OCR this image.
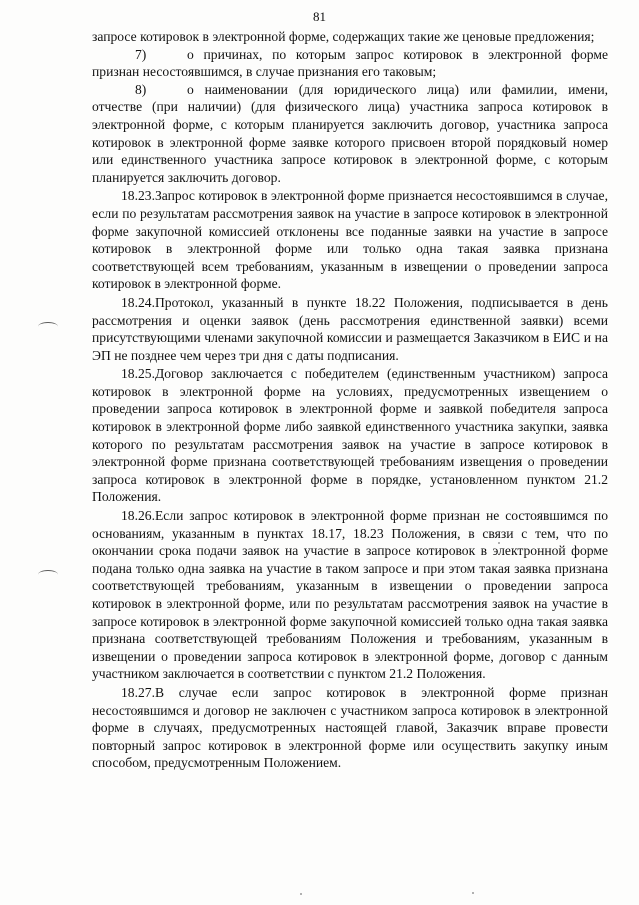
81

запросе котировок в электронной форме, содержащих такие же ценовые предложения;

7)	о причинах, по которым запрос котировок в электронной форме признан несостоявшимся, в случае признания его таковым;

8)	о наименовании (для юридического лица) или фамилии, имени, отчестве (при наличии) (для физического лица) участника запроса котировок в электронной форме, с которым планируется заключить договор, участника запроса котировок в электронной форме заявке которого присвоен второй порядковый номер или единственного участника запросе котировок в электронной форме, с которым планируется заключить договор.

18.23.Запрос котировок в электронной форме признается несостоявшимся в случае, если по результатам рассмотрения заявок на участие в запросе котировок в электронной форме закупочной комиссией отклонены все поданные заявки на участие в запросе котировок в электронной форме или только одна такая заявка признана соответствующей всем требованиям, указанным в извещении о проведении запроса котировок в электронной форме.

18.24.Протокол, указанный в пункте 18.22 Положения, подписывается в день рассмотрения и оценки заявок (день рассмотрения единственной заявки) всеми присутствующими членами закупочной комиссии и размещается Заказчиком в ЕИС и на ЭП не позднее чем через три дня с даты подписания.

18.25.Договор заключается с победителем (единственным участником) запроса котировок в электронной форме на условиях, предусмотренных извещением о проведении запроса котировок в электронной форме и заявкой победителя запроса котировок в электронной форме либо заявкой единственного участника закупки, заявка которого по результатам рассмотрения заявок на участие в запросе котировок в электронной форме признана соответствующей требованиям извещения о проведении запроса котировок в электронной форме в порядке, установленном пунктом 21.2 Положения.

18.26.Если запрос котировок в электронной форме признан не состоявшимся по основаниям, указанным в пунктах 18.17, 18.23 Положения, в связи с тем, что по окончании срока подачи заявок на участие в запросе котировок в электронной форме подана только одна заявка на участие в таком запросе и при этом такая заявка признана соответствующей требованиям, указанным в извещении о проведении запроса котировок в электронной форме, или по результатам рассмотрения заявок на участие в запросе котировок в электронной форме закупочной комиссией только одна такая заявка признана соответствующей требованиям Положения и требованиям, указанным в извещении о проведении запроса котировок в электронной форме, договор с данным участником заключается в соответствии с пунктом 21.2 Положения.

18.27.В случае если запрос котировок в электронной форме признан несостоявшимся и договор не заключен с участником запроса котировок в электронной форме в случаях, предусмотренных настоящей главой, Заказчик вправе провести повторный запрос котировок в электронной форме или осуществить закупку иным способом, предусмотренным Положением.
